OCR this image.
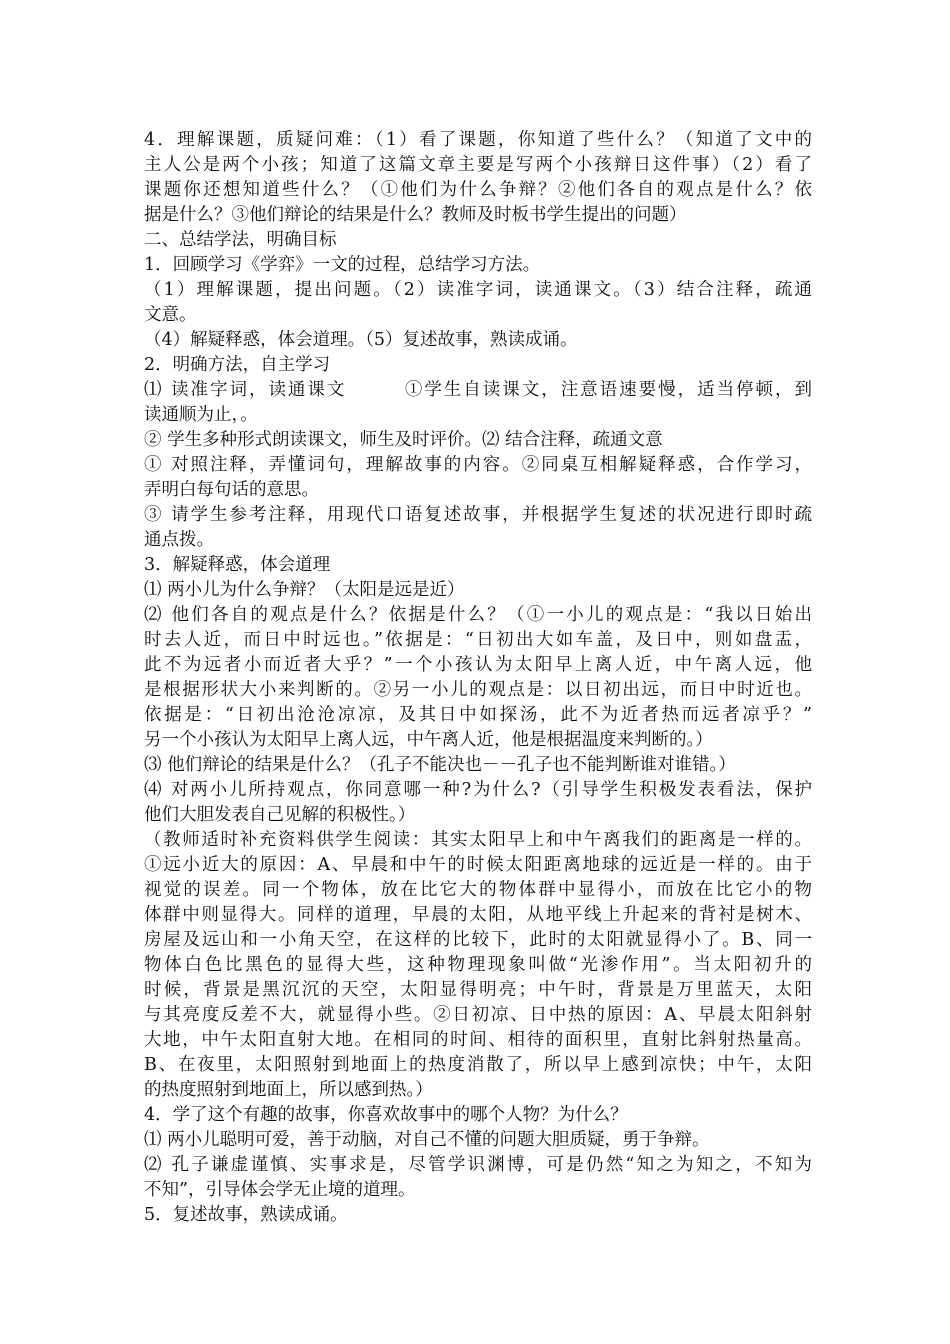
4．理解课题，质疑问难：（1）看了课题，你知道了些什么？（知道了文中的
主人公是两个小孩；知道了这篇文章主要是写两个小孩辩日这件事）（2）看了
课题你还想知道些什么？（①他们为什么争辩？②他们各自的观点是什么？依
据是什么？③他们辩论的结果是什么？教师及时板书学生提出的问题）
二、总结学法，明确目标
1．回顾学习《学弈》一文的过程，总结学习方法。
（1）理解课题，提出问题。（2）读准字词，读通课文。（3）结合注释，疏通
文意。
（4）解疑释惑，体会道理。（5）复述故事，熟读成诵。
2．明确方法，自主学习
⑴ 读准字词，读通课文　　　①学生自读课文，注意语速要慢，适当停顿，到
读通顺为止，。
② 学生多种形式朗读课文，师生及时评价。⑵ 结合注释，疏通文意
① 对照注释，弄懂词句，理解故事的内容。②同桌互相解疑释惑，合作学习，
弄明白每句话的意思。
③ 请学生参考注释，用现代口语复述故事，并根据学生复述的状况进行即时疏
通点拨。
3．解疑释惑，体会道理
⑴ 两小儿为什么争辩？（太阳是远是近）
⑵ 他们各自的观点是什么？依据是什么？（①一小儿的观点是：“我以日始出
时去人近，而日中时远也。”依据是：“日初出大如车盖，及日中，则如盘盂，
此不为远者小而近者大乎？”一个小孩认为太阳早上离人近，中午离人远，他
是根据形状大小来判断的。②另一小儿的观点是：以日初出远，而日中时近也。
依据是：“日初出沧沧凉凉，及其日中如探汤，此不为近者热而远者凉乎？”
另一个小孩认为太阳早上离人远，中午离人近，他是根据温度来判断的。）
⑶ 他们辩论的结果是什么？（孔子不能决也－－孔子也不能判断谁对谁错。）
⑷ 对两小儿所持观点，你同意哪一种?为什么?（引导学生积极发表看法，保护
他们大胆发表自己见解的积极性。）
（教师适时补充资料供学生阅读：其实太阳早上和中午离我们的距离是一样的。
①远小近大的原因：A、早晨和中午的时候太阳距离地球的远近是一样的。由于
视觉的误差。同一个物体，放在比它大的物体群中显得小，而放在比它小的物
体群中则显得大。同样的道理，早晨的太阳，从地平线上升起来的背衬是树木、
房屋及远山和一小角天空，在这样的比较下，此时的太阳就显得小了。B、同一
物体白色比黑色的显得大些，这种物理现象叫做“光渗作用”。当太阳初升的
时候，背景是黑沉沉的天空，太阳显得明亮；中午时，背景是万里蓝天，太阳
与其亮度反差不大，就显得小些。②日初凉、日中热的原因：A、早晨太阳斜射
大地，中午太阳直射大地。在相同的时间、相待的面积里，直射比斜射热量高。
B、在夜里，太阳照射到地面上的热度消散了，所以早上感到凉快；中午，太阳
的热度照射到地面上，所以感到热。）
4．学了这个有趣的故事，你喜欢故事中的哪个人物？为什么？
⑴ 两小儿聪明可爱，善于动脑，对自己不懂的问题大胆质疑，勇于争辩。
⑵ 孔子谦虚谨慎、实事求是，尽管学识渊博，可是仍然“知之为知之，不知为
不知”，引导体会学无止境的道理。
5．复述故事，熟读成诵。
